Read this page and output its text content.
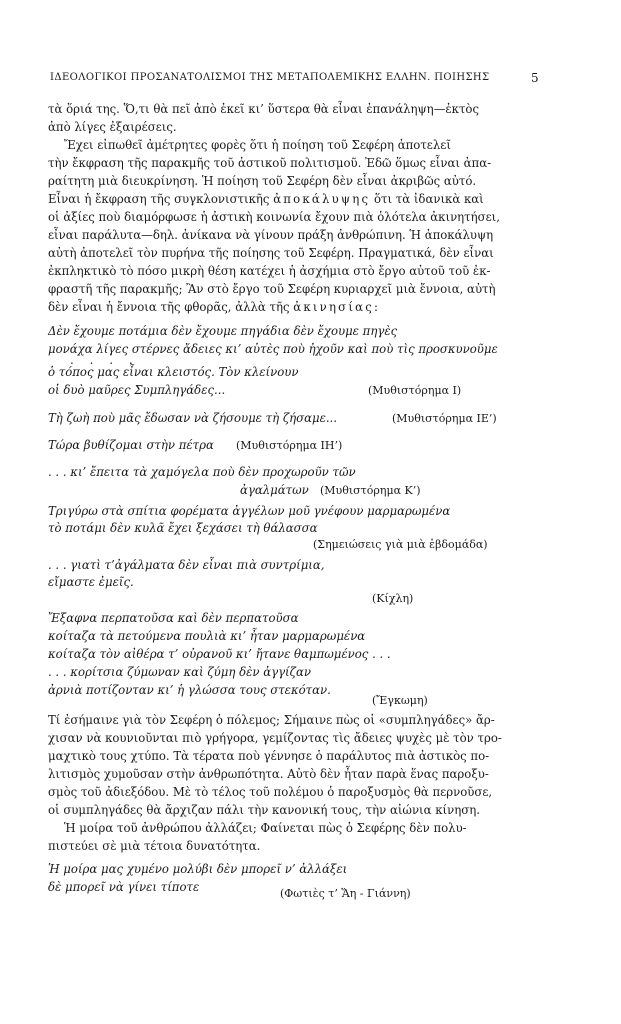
ΙΔΕΟΛΟΓΙΚΟΙ ΠΡΟΣΑΝΑΤΟΛΙΣΜΟΙ ΤΗΣ ΜΕΤΑΠΟΛΕΜΙΚΗΣ ΕΛΛΗΝ. ΠΟΙΗΣΗΣ	5
τὰ ὅριά της. Ὅ,τι θὰ πεῖ ἀπὸ ἐκεῖ κι’ ὕστερα θὰ εἶναι ἐπανάληψη—ἐκτὸς
ἀπὸ λίγες ἐξαιρέσεις.
Ἔχει εἰπωθεῖ ἀμέτρητες φορὲς ὅτι ἡ ποίηση τοῦ Σεφέρη ἀποτελεῖ
τὴν ἔκφραση τῆς παρακμῆς τοῦ ἀστικοῦ πολιτισμοῦ. Ἐδῶ ὅμως εἶναι ἀπα-
ραίτητη μιὰ διευκρίνηση. Ἡ ποίηση τοῦ Σεφέρη δὲν εἶναι ἀκριβῶς αὐτό.
Εἶναι ἡ ἔκφραση τῆς συγκλονιστικῆς ἀποκάλυψης ὅτι τὰ ἰδανικὰ καὶ
οἱ ἀξίες ποὺ διαμόρφωσε ἡ ἀστικὴ κοινωνία ἔχουν πιὰ ὁλότελα ἀκινητήσει,
εἶναι παράλυτα—δηλ. ἀνίκανα νὰ γίνουν πράξη ἀνθρώπινη. Ἡ ἀποκάλυψη
αὐτὴ ἀποτελεῖ τὸν πυρήνα τῆς ποίησης τοῦ Σεφέρη. Πραγματικά, δὲν εἶναι
ἐκπληκτικὸ τὸ πόσο μικρὴ θέση κατέχει ἡ ἀσχήμια στὸ ἔργο αὐτοῦ τοῦ ἐκ-
φραστῆ τῆς παρακμῆς; Ἂν στὸ ἔργο τοῦ Σεφέρη κυριαρχεῖ μιὰ ἔννοια, αὐτὴ
δὲν εἶναι ἡ ἔννοια τῆς φθορᾶς, ἀλλὰ τῆς ἀκινησίας:
Δὲν ἔχουμε ποτάμια δὲν ἔχουμε πηγάδια δὲν ἔχουμε πηγὲς
μονάχα λίγες στέρνες ἄδειες κι’ αὐτὲς ποὺ ἠχοῦν καὶ ποὺ τὶς προσκυνοῦμε
. . . .
ὁ τόπος μας εἶναι κλειστός. Τὸν κλείνουν
οἱ δυὸ μαῦρες Συμπληγάδες...	(Μυθιστόρημα Ι)
Τὴ ζωὴ ποὺ μᾶς ἔδωσαν νὰ ζήσουμε τὴ ζήσαμε...	(Μυθιστόρημα ΙΕ’)
Τώρα βυθίζομαι στὴν πέτρα (Μυθιστόρημα ΙΗ’)
. . . κι’ ἔπειτα τὰ χαμόγελα ποὺ δὲν προχωροῦν τῶν
ἀγαλμάτων (Μυθιστόρημα Κ’)
Τριγύρω στὰ σπίτια φορέματα ἀγγέλων μοῦ γνέφουν μαρμαρωμένα
τὸ ποτάμι δὲν κυλᾶ ἔχει ξεχάσει τὴ θάλασσα
(Σημειώσεις γιὰ μιὰ ἑβδομάδα)
. . . γιατὶ τ’ἀγάλματα δὲν εἶναι πιὰ συντρίμια,
εἴμαστε ἐμεῖς.
(Κίχλη)
Ἔξαφνα περπατοῦσα καὶ δὲν περπατοῦσα
κοίταζα τὰ πετούμενα πουλιὰ κι’ ἦταν μαρμαρωμένα
κοίταζα τὸν αἰθέρα τ’ οὐρανοῦ κι’ ἤτανε θαμπωμένος . . .
. . . κορίτσια ζύμωναν καὶ ζύμη δὲν ἀγγίζαν
ἀρνιὰ ποτίζονταν κι’ ἡ γλώσσα τους στεκόταν.
(Ἔγκωμη)
Τί ἐσήμαινε γιὰ τὸν Σεφέρη ὁ πόλεμος; Σήμαινε πὼς οἱ «συμπληγάδες» ἄρ-
χισαν νὰ κουνιοῦνται πιὸ γρήγορα, γεμίζοντας τὶς ἄδειες ψυχὲς μὲ τὸν τρο-
μαχτικὸ τους χτύπο. Τὰ τέρατα ποὺ γέννησε ὁ παράλυτος πιὰ ἀστικὸς πο-
λιτισμὸς χυμοῦσαν στὴν ἀνθρωπότητα. Αὐτὸ δὲν ἦταν παρὰ ἕνας παροξυ-
σμὸς τοῦ ἀδιεξόδου. Μὲ τὸ τέλος τοῦ πολέμου ὁ παροξυσμὸς θὰ περνοῦσε,
οἱ συμπληγάδες θὰ ἄρχιζαν πάλι τὴν κανονική τους, τὴν αἰώνια κίνηση.
Ἡ μοίρα τοῦ ἀνθρώπου ἀλλάζει; Φαίνεται πὼς ὁ Σεφέρης δὲν πολυ-
πιστεύει σὲ μιὰ τέτοια δυνατότητα.
Ἡ μοίρα μας χυμένο μολύβι δὲν μπορεῖ ν’ ἀλλάξει
δὲ μπορεῖ νὰ γίνει τίποτε	(Φωτιὲς τ’ Ἅη - Γιάννη)
